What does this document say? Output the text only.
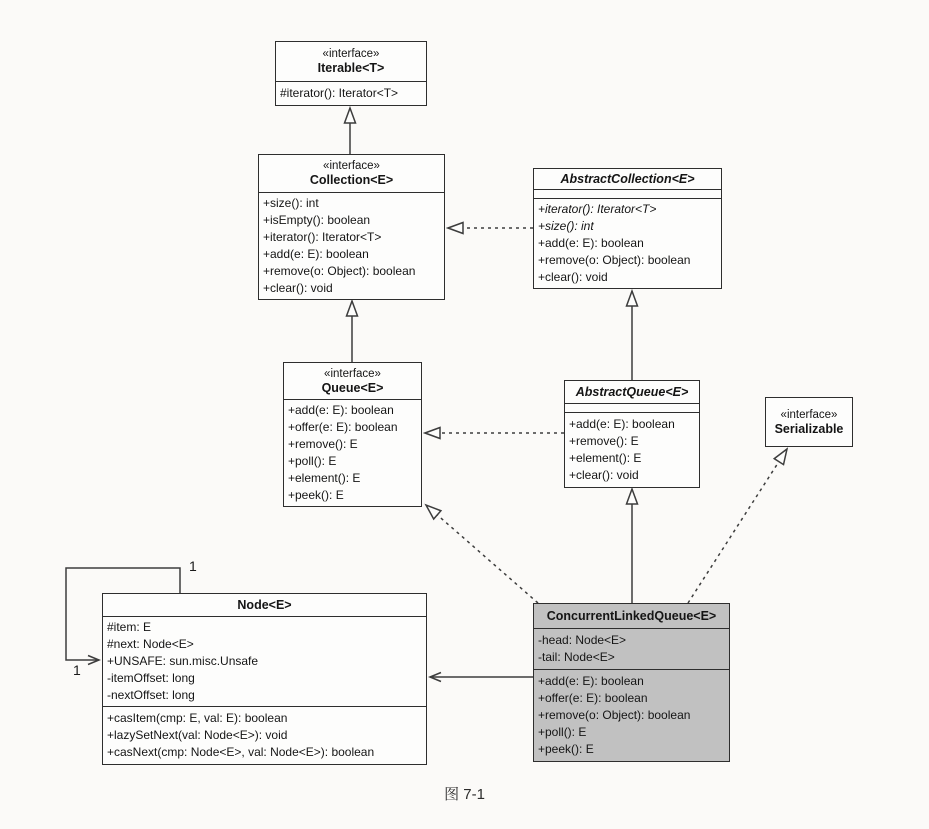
«interface»
Iterable<T>
#iterator(): Iterator<T>
«interface»
Collection<E>
+size(): int
+isEmpty(): boolean
+iterator(): Iterator<T>
+add(e: E): boolean
+remove(o: Object): boolean
+clear(): void
AbstractCollection<E>
+iterator(): Iterator<T>
+size(): int
+add(e: E): boolean
+remove(o: Object): boolean
+clear(): void
«interface»
Queue<E>
+add(e: E): boolean
+offer(e: E): boolean
+remove(): E
+poll(): E
+element(): E
+peek(): E
AbstractQueue<E>
+add(e: E): boolean
+remove(): E
+element(): E
+clear(): void
«interface»
Serializable
Node<E>
#item: E
#next: Node<E>
+UNSAFE: sun.misc.Unsafe
-itemOffset: long
-nextOffset: long
+casItem(cmp: E, val: E): boolean
+lazySetNext(val: Node<E>): void
+casNext(cmp: Node<E>, val: Node<E>): boolean
ConcurrentLinkedQueue<E>
-head: Node<E>
-tail: Node<E>
+add(e: E): boolean
+offer(e: E): boolean
+remove(o: Object): boolean
+poll(): E
+peek(): E
1
1
图 7-1
